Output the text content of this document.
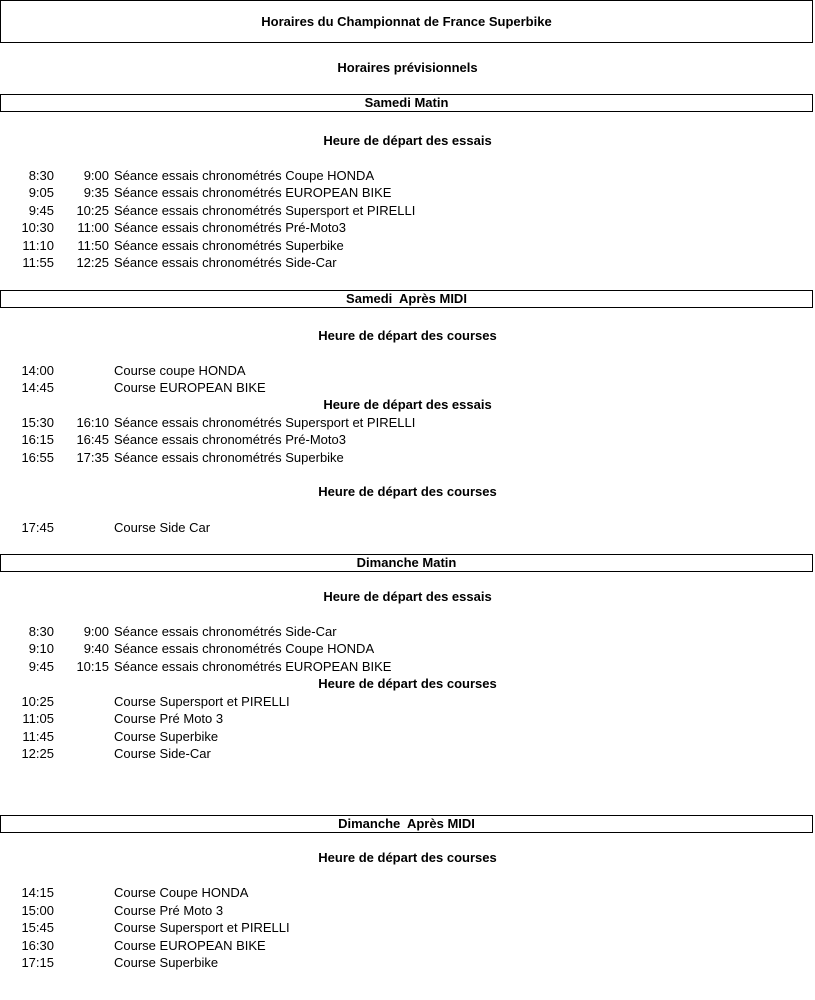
Horaires du Championnat de France Superbike
Horaires prévisionnels
Samedi Matin
Heure de départ des essais
8:30	9:00 Séance essais chronométrés Coupe HONDA
9:05	9:35 Séance essais chronométrés EUROPEAN BIKE
9:45	10:25 Séance essais chronométrés Supersport et PIRELLI
10:30	11:00 Séance essais chronométrés Pré-Moto3
11:10	11:50 Séance essais chronométrés Superbike
11:55	12:25 Séance essais chronométrés Side-Car
Samedi  Après MIDI
Heure de départ des courses
14:00	Course coupe HONDA
14:45	Course EUROPEAN BIKE
Heure de départ des essais
15:30	16:10 Séance essais chronométrés Supersport et PIRELLI
16:15	16:45 Séance essais chronométrés Pré-Moto3
16:55	17:35 Séance essais chronométrés Superbike
Heure de départ des courses
17:45	Course Side Car
Dimanche Matin
Heure de départ des essais
8:30	9:00 Séance essais chronométrés Side-Car
9:10	9:40 Séance essais chronométrés Coupe HONDA
9:45	10:15 Séance essais chronométrés EUROPEAN BIKE
Heure de départ des courses
10:25	Course Supersport et PIRELLI
11:05	Course Pré Moto 3
11:45	Course Superbike
12:25	Course Side-Car
Dimanche  Après MIDI
Heure de départ des courses
14:15	Course Coupe HONDA
15:00	Course Pré Moto 3
15:45	Course Supersport et PIRELLI
16:30	Course EUROPEAN BIKE
17:15	Course Superbike
